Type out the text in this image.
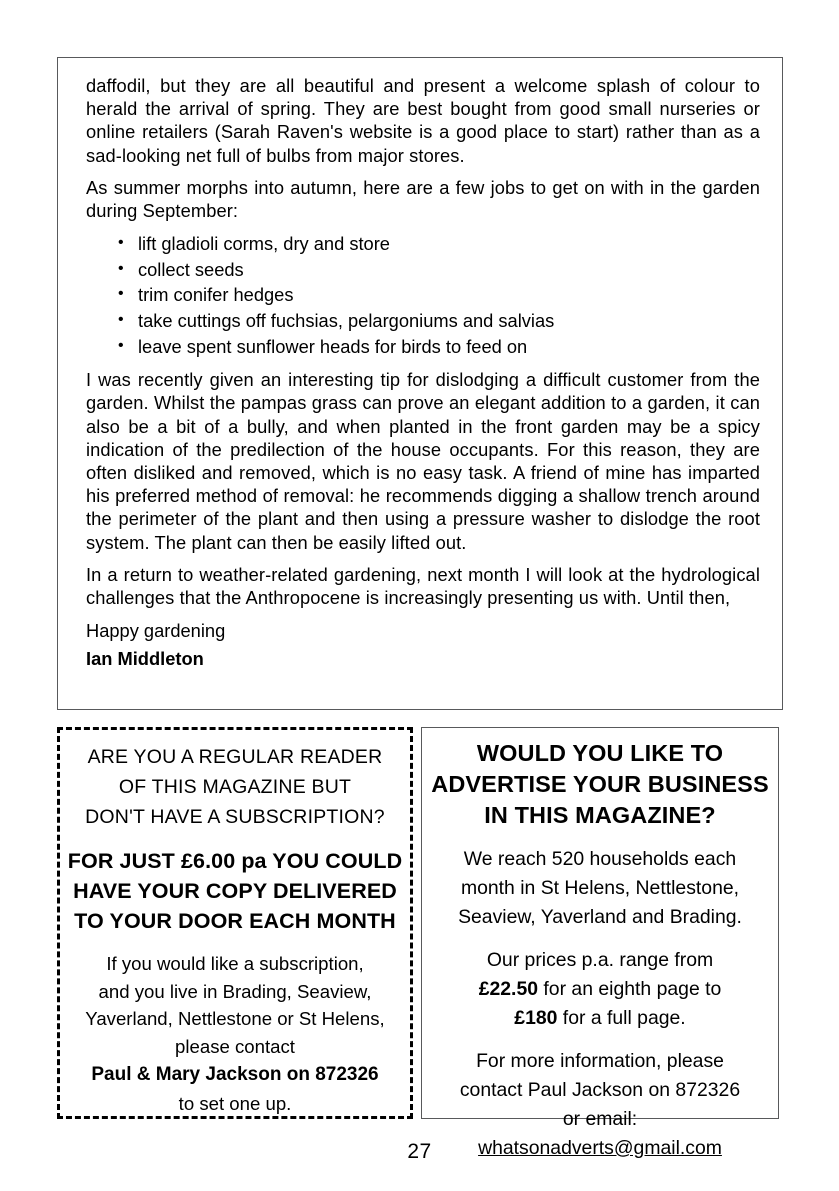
daffodil, but they are all beautiful and present a welcome splash of colour to herald the arrival of spring. They are best bought from good small nurseries or online retailers (Sarah Raven's website is a good place to start) rather than as a sad-looking net full of bulbs from major stores.

As summer morphs into autumn, here are a few jobs to get on with in the garden during September:

• lift gladioli corms, dry and store
• collect seeds
• trim conifer hedges
• take cuttings off fuchsias, pelargoniums and salvias
• leave spent sunflower heads for birds to feed on

I was recently given an interesting tip for dislodging a difficult customer from the garden. Whilst the pampas grass can prove an elegant addition to a garden, it can also be a bit of a bully, and when planted in the front garden may be a spicy indication of the predilection of the house occupants. For this reason, they are often disliked and removed, which is no easy task. A friend of mine has imparted his preferred method of removal: he recommends digging a shallow trench around the perimeter of the plant and then using a pressure washer to dislodge the root system. The plant can then be easily lifted out.

In a return to weather-related gardening, next month I will look at the hydrological challenges that the Anthropocene is increasingly presenting us with. Until then,

Happy gardening

Ian Middleton

ARE YOU A REGULAR READER
OF THIS MAGAZINE BUT
DON'T HAVE A SUBSCRIPTION?
FOR JUST £6.00 pa YOU COULD
HAVE YOUR COPY DELIVERED
TO YOUR DOOR EACH MONTH
If you would like a subscription,
and you live in Brading, Seaview,
Yaverland, Nettlestone or St Helens,
please contact
Paul & Mary Jackson on 872326
to set one up.
WOULD YOU LIKE TO
ADVERTISE YOUR BUSINESS
IN THIS MAGAZINE?
We reach 520 households each
month in St Helens, Nettlestone,
Seaview, Yaverland and Brading.
Our prices p.a. range from
£22.50 for an eighth page to
£180 for a full page.
For more information, please
contact Paul Jackson on 872326
or email:
whatsonadverts@gmail.com
27
